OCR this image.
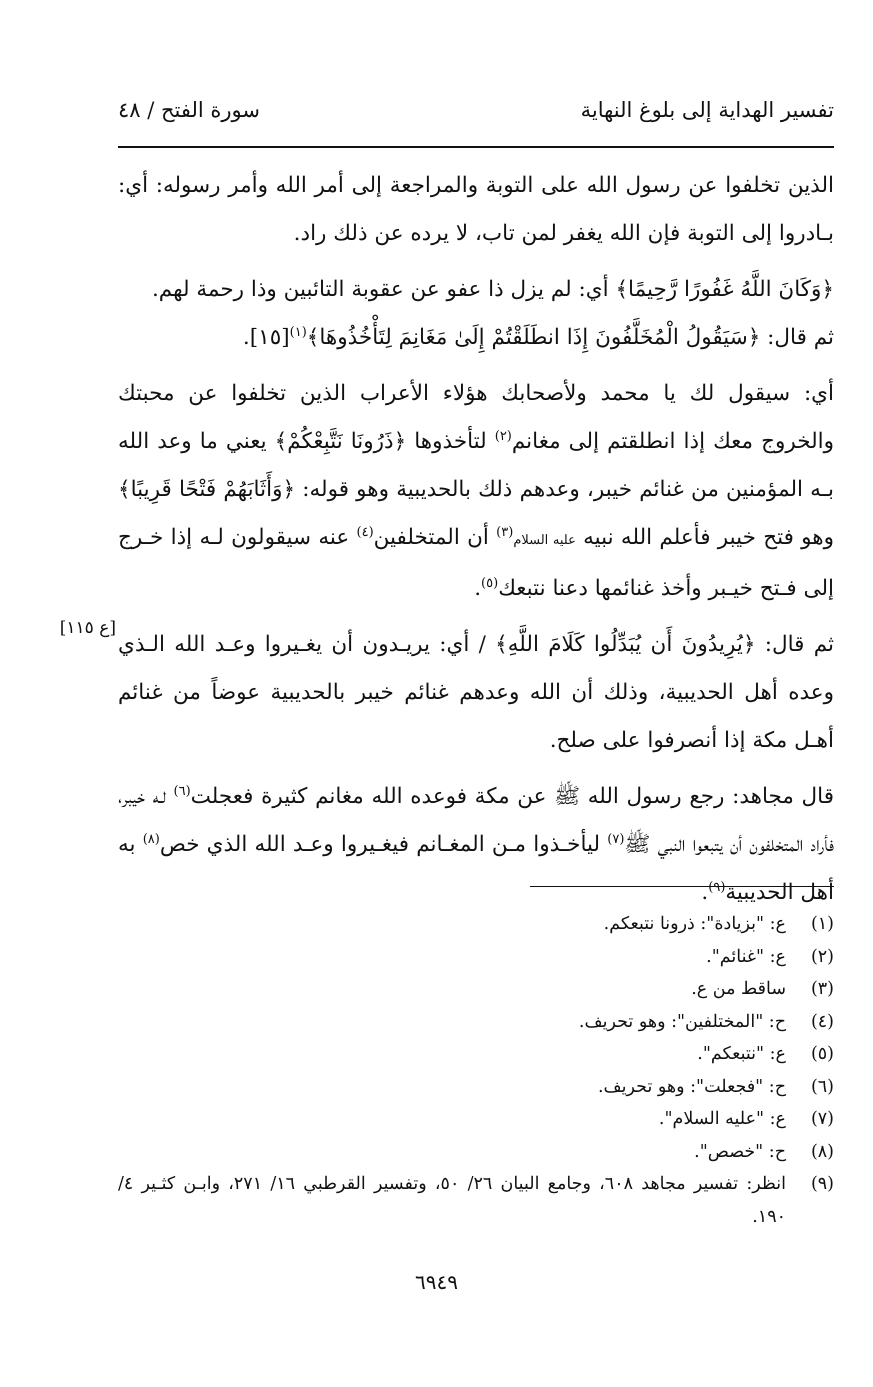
تفسير الهداية إلى بلوغ النهاية
سورة الفتح / ٤٨

الذين تخلفوا عن رسول الله على التوبة والمراجعة إلى أمر الله وأمر رسوله: أي: بـادروا إلى التوبة فإن الله يغفر لمن تاب، لا يرده عن ذلك راد.

﴿وَكَانَ اللَّهُ غَفُورًا رَّحِيمًا﴾ أي: لم يزل ذا عفو عن عقوبة التائبين وذا رحمة لهم.

ثم قال: ﴿سَيَقُولُ الْمُخَلَّفُونَ إِذَا انطَلَقْتُمْ إِلَىٰ مَغَانِمَ لِتَأْخُذُوهَا﴾$^{(١)}$[١٥].

أي: سيقول لك يا محمد ولأصحابك هؤلاء الأعراب الذين تخلفوا عن محبتك والخروج معك إذا انطلقتم إلى مغانم$^{(٢)}$ لتأخذوها ﴿ذَرُونَا نَتَّبِعْكُمْ﴾ يعني ما وعد الله بـه المؤمنين من غنائم خيبر، وعدهم ذلك بالحديبية وهو قوله: ﴿وَأَثَابَهُمْ فَتْحًا قَرِيبًا﴾ وهو فتح خيبر فأعلم الله نبيه عليه السلام$^{(٣)}$ أن المتخلفين$^{(٤)}$ عنه سيقولون لـه إذا خـرج إلى فـتح خيـبر وأخذ غنائمها دعنا نتبعك$^{(٥)}$.

ثم قال: ﴿يُرِيدُونَ أَن يُبَدِّلُوا كَلَامَ اللَّهِ﴾ / أي: يريـدون أن يغـيروا وعـد الله الـذي وعده أهل الحديبية، وذلك أن الله وعدهم غنائم خيبر بالحديبية عوضاً من غنائم أهـل مكة إذا أنصرفوا على صلح.

قال مجاهد: رجع رسول الله ﷺ عن مكة فوعده الله مغانم كثيرة فعجلت$^{(٦)}$ لـه خيبر، فأراد المتخلفون أن يتبعوا النبي ﷺ$^{(٧)}$ ليأخـذوا مـن المغـانم فيغـيروا وعـد الله الذي خص$^{(٨)}$ به أهل الحديبية$^{(٩)}$.

[ع ١١٥]
(١)
ع: "بزيادة": ذرونا نتبعكم.
(٢)
ع: "غنائم".
(٣)
ساقط من ع.
(٤)
ح: "المختلفين": وهو تحريف.
(٥)
ع: "نتبعكم".
(٦)
ح: "فجعلت": وهو تحريف.
(٧)
ع: "عليه السلام".
(٨)
ح: "خصص".
(٩)
انظر: تفسير مجاهد ٦٠٨، وجامع البيان ٢٦/ ٥٠، وتفسير القرطبي ١٦/ ٢٧١، وابـن كثـير ٤/ ١٩٠.
٦٩٤٩
